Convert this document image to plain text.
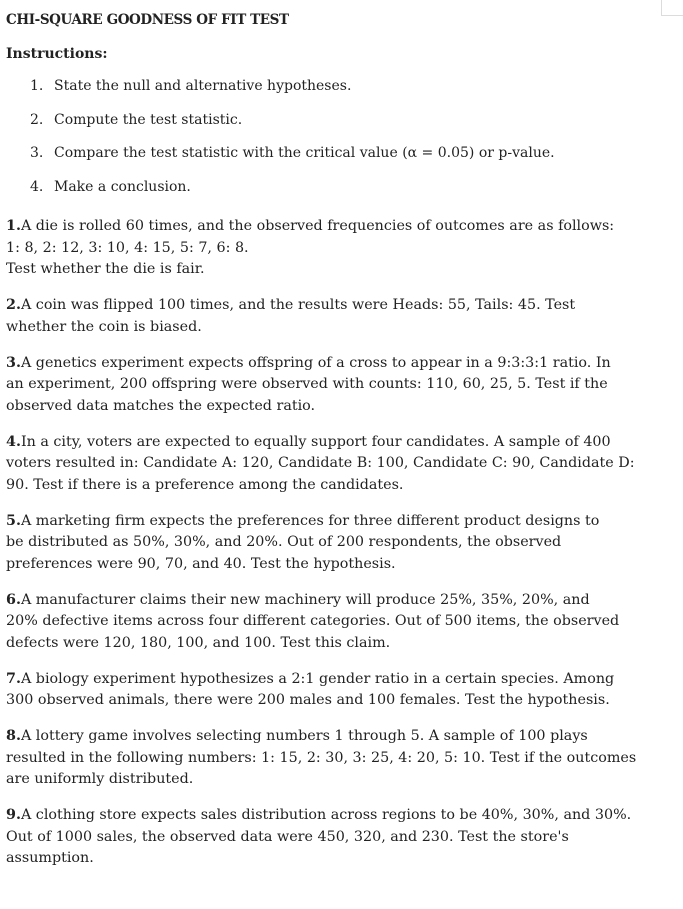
CHI-SQUARE GOODNESS OF FIT TEST
Instructions:
1. State the null and alternative hypotheses.
2. Compute the test statistic.
3. Compare the test statistic with the critical value (α = 0.05) or p-value.
4. Make a conclusion.
1.A die is rolled 60 times, and the observed frequencies of outcomes are as follows:
1: 8, 2: 12, 3: 10, 4: 15, 5: 7, 6: 8.
Test whether the die is fair.
2.A coin was flipped 100 times, and the results were Heads: 55, Tails: 45. Test
whether the coin is biased.
3.A genetics experiment expects offspring of a cross to appear in a 9:3:3:1 ratio. In
an experiment, 200 offspring were observed with counts: 110, 60, 25, 5. Test if the
observed data matches the expected ratio.
4.In a city, voters are expected to equally support four candidates. A sample of 400
voters resulted in: Candidate A: 120, Candidate B: 100, Candidate C: 90, Candidate D:
90. Test if there is a preference among the candidates.
5.A marketing firm expects the preferences for three different product designs to
be distributed as 50%, 30%, and 20%. Out of 200 respondents, the observed
preferences were 90, 70, and 40. Test the hypothesis.
6.A manufacturer claims their new machinery will produce 25%, 35%, 20%, and
20% defective items across four different categories. Out of 500 items, the observed
defects were 120, 180, 100, and 100. Test this claim.
7.A biology experiment hypothesizes a 2:1 gender ratio in a certain species. Among
300 observed animals, there were 200 males and 100 females. Test the hypothesis.
8.A lottery game involves selecting numbers 1 through 5. A sample of 100 plays
resulted in the following numbers: 1: 15, 2: 30, 3: 25, 4: 20, 5: 10. Test if the outcomes
are uniformly distributed.
9.A clothing store expects sales distribution across regions to be 40%, 30%, and 30%.
Out of 1000 sales, the observed data were 450, 320, and 230. Test the store's
assumption.
